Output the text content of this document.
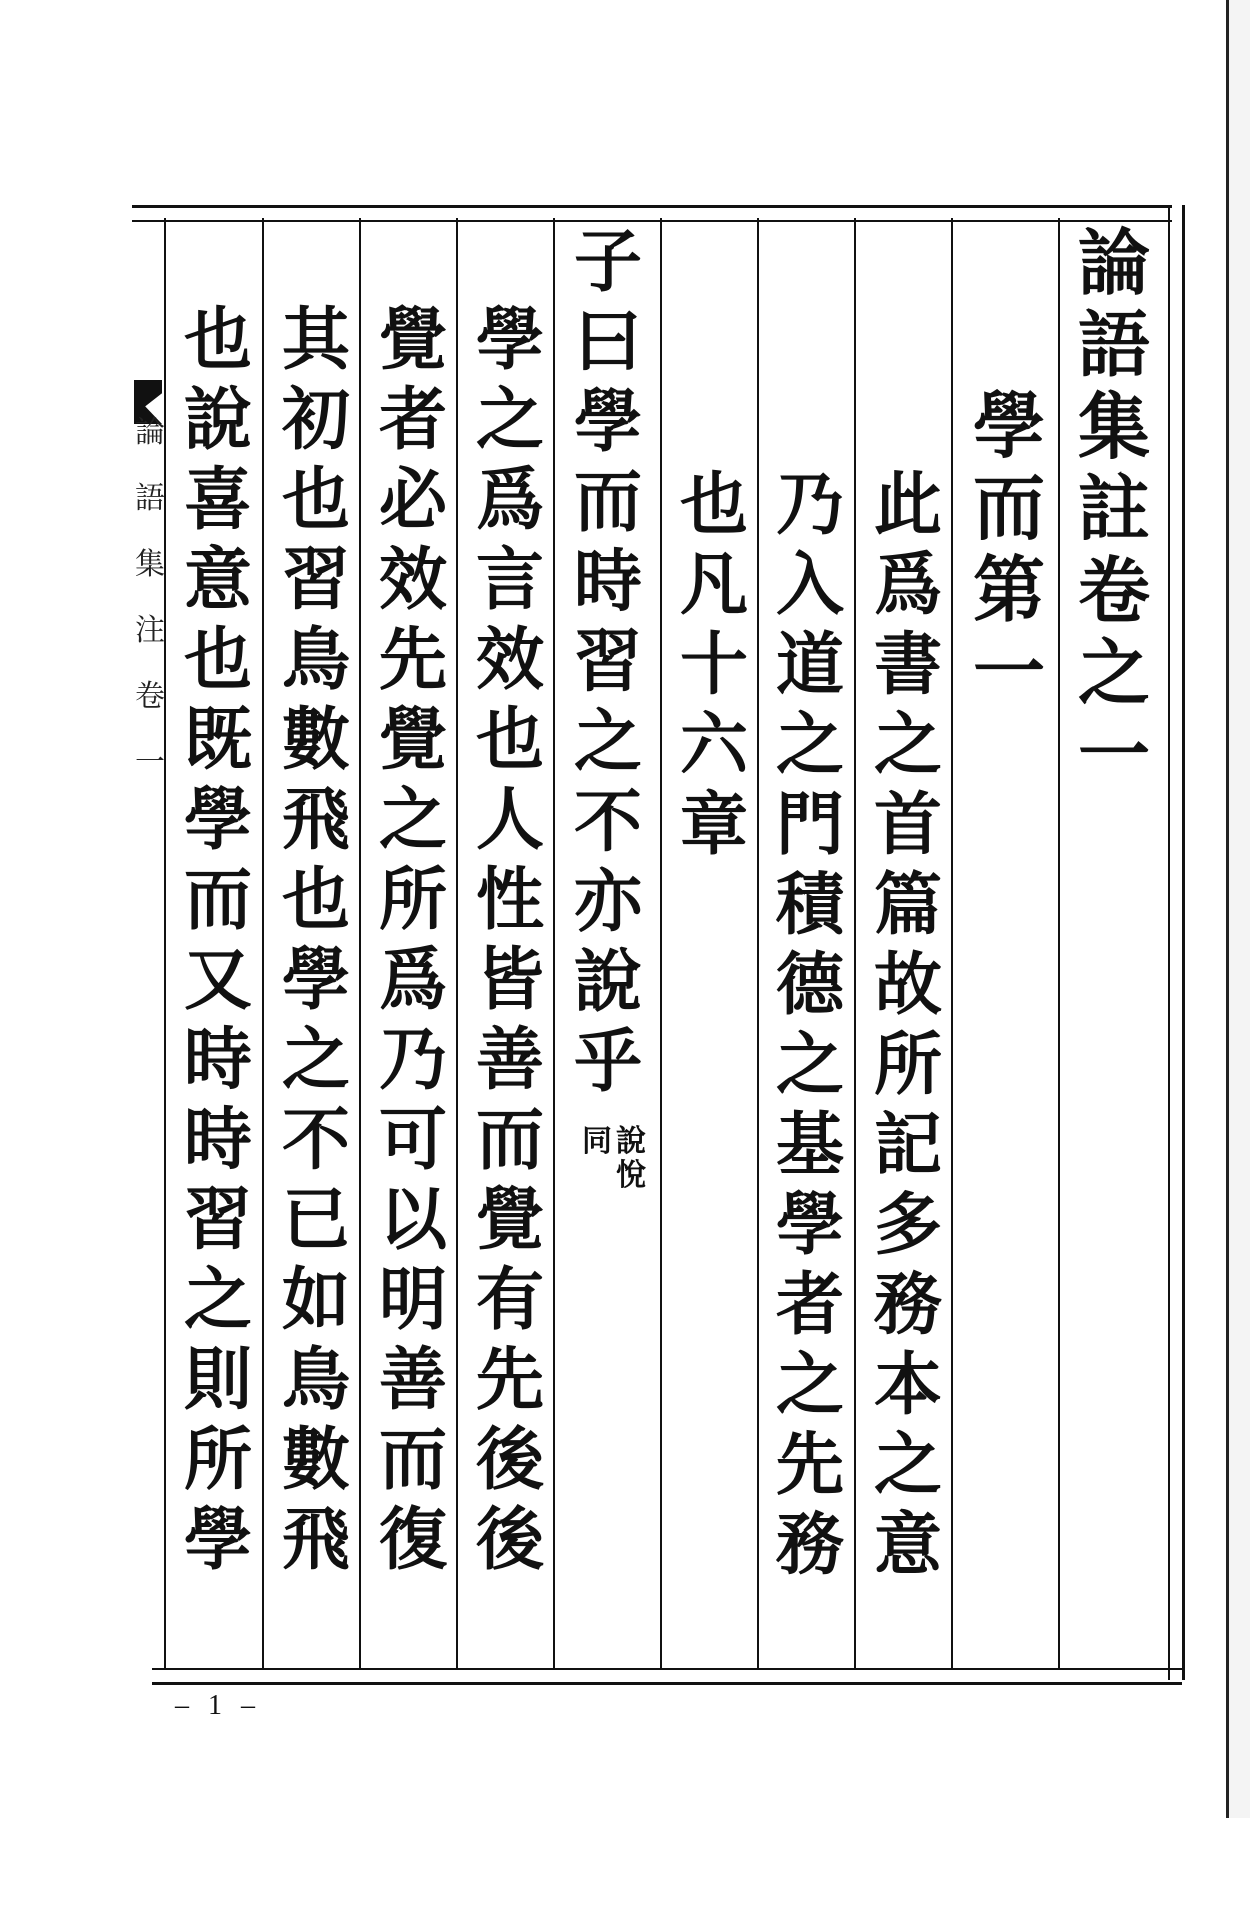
論
語
集
註
卷
之
一
學
而
第
一
此
爲
書
之
首
篇
故
所
記
多
務
本
之
意
乃
入
道
之
門
積
德
之
基
學
者
之
先
務
也
凡
十
六
章
子
曰
學
而
時
習
之
不
亦
說
乎
學
之
爲
言
效
也
人
性
皆
善
而
覺
有
先
後
後
覺
者
必
效
先
覺
之
所
爲
乃
可
以
明
善
而
復
其
初
也
習
鳥
數
飛
也
學
之
不
已
如
鳥
數
飛
也
說
喜
意
也
既
學
而
又
時
時
習
之
則
所
學
說
悅
同
論
語
集
注
卷
一
– 1 –
